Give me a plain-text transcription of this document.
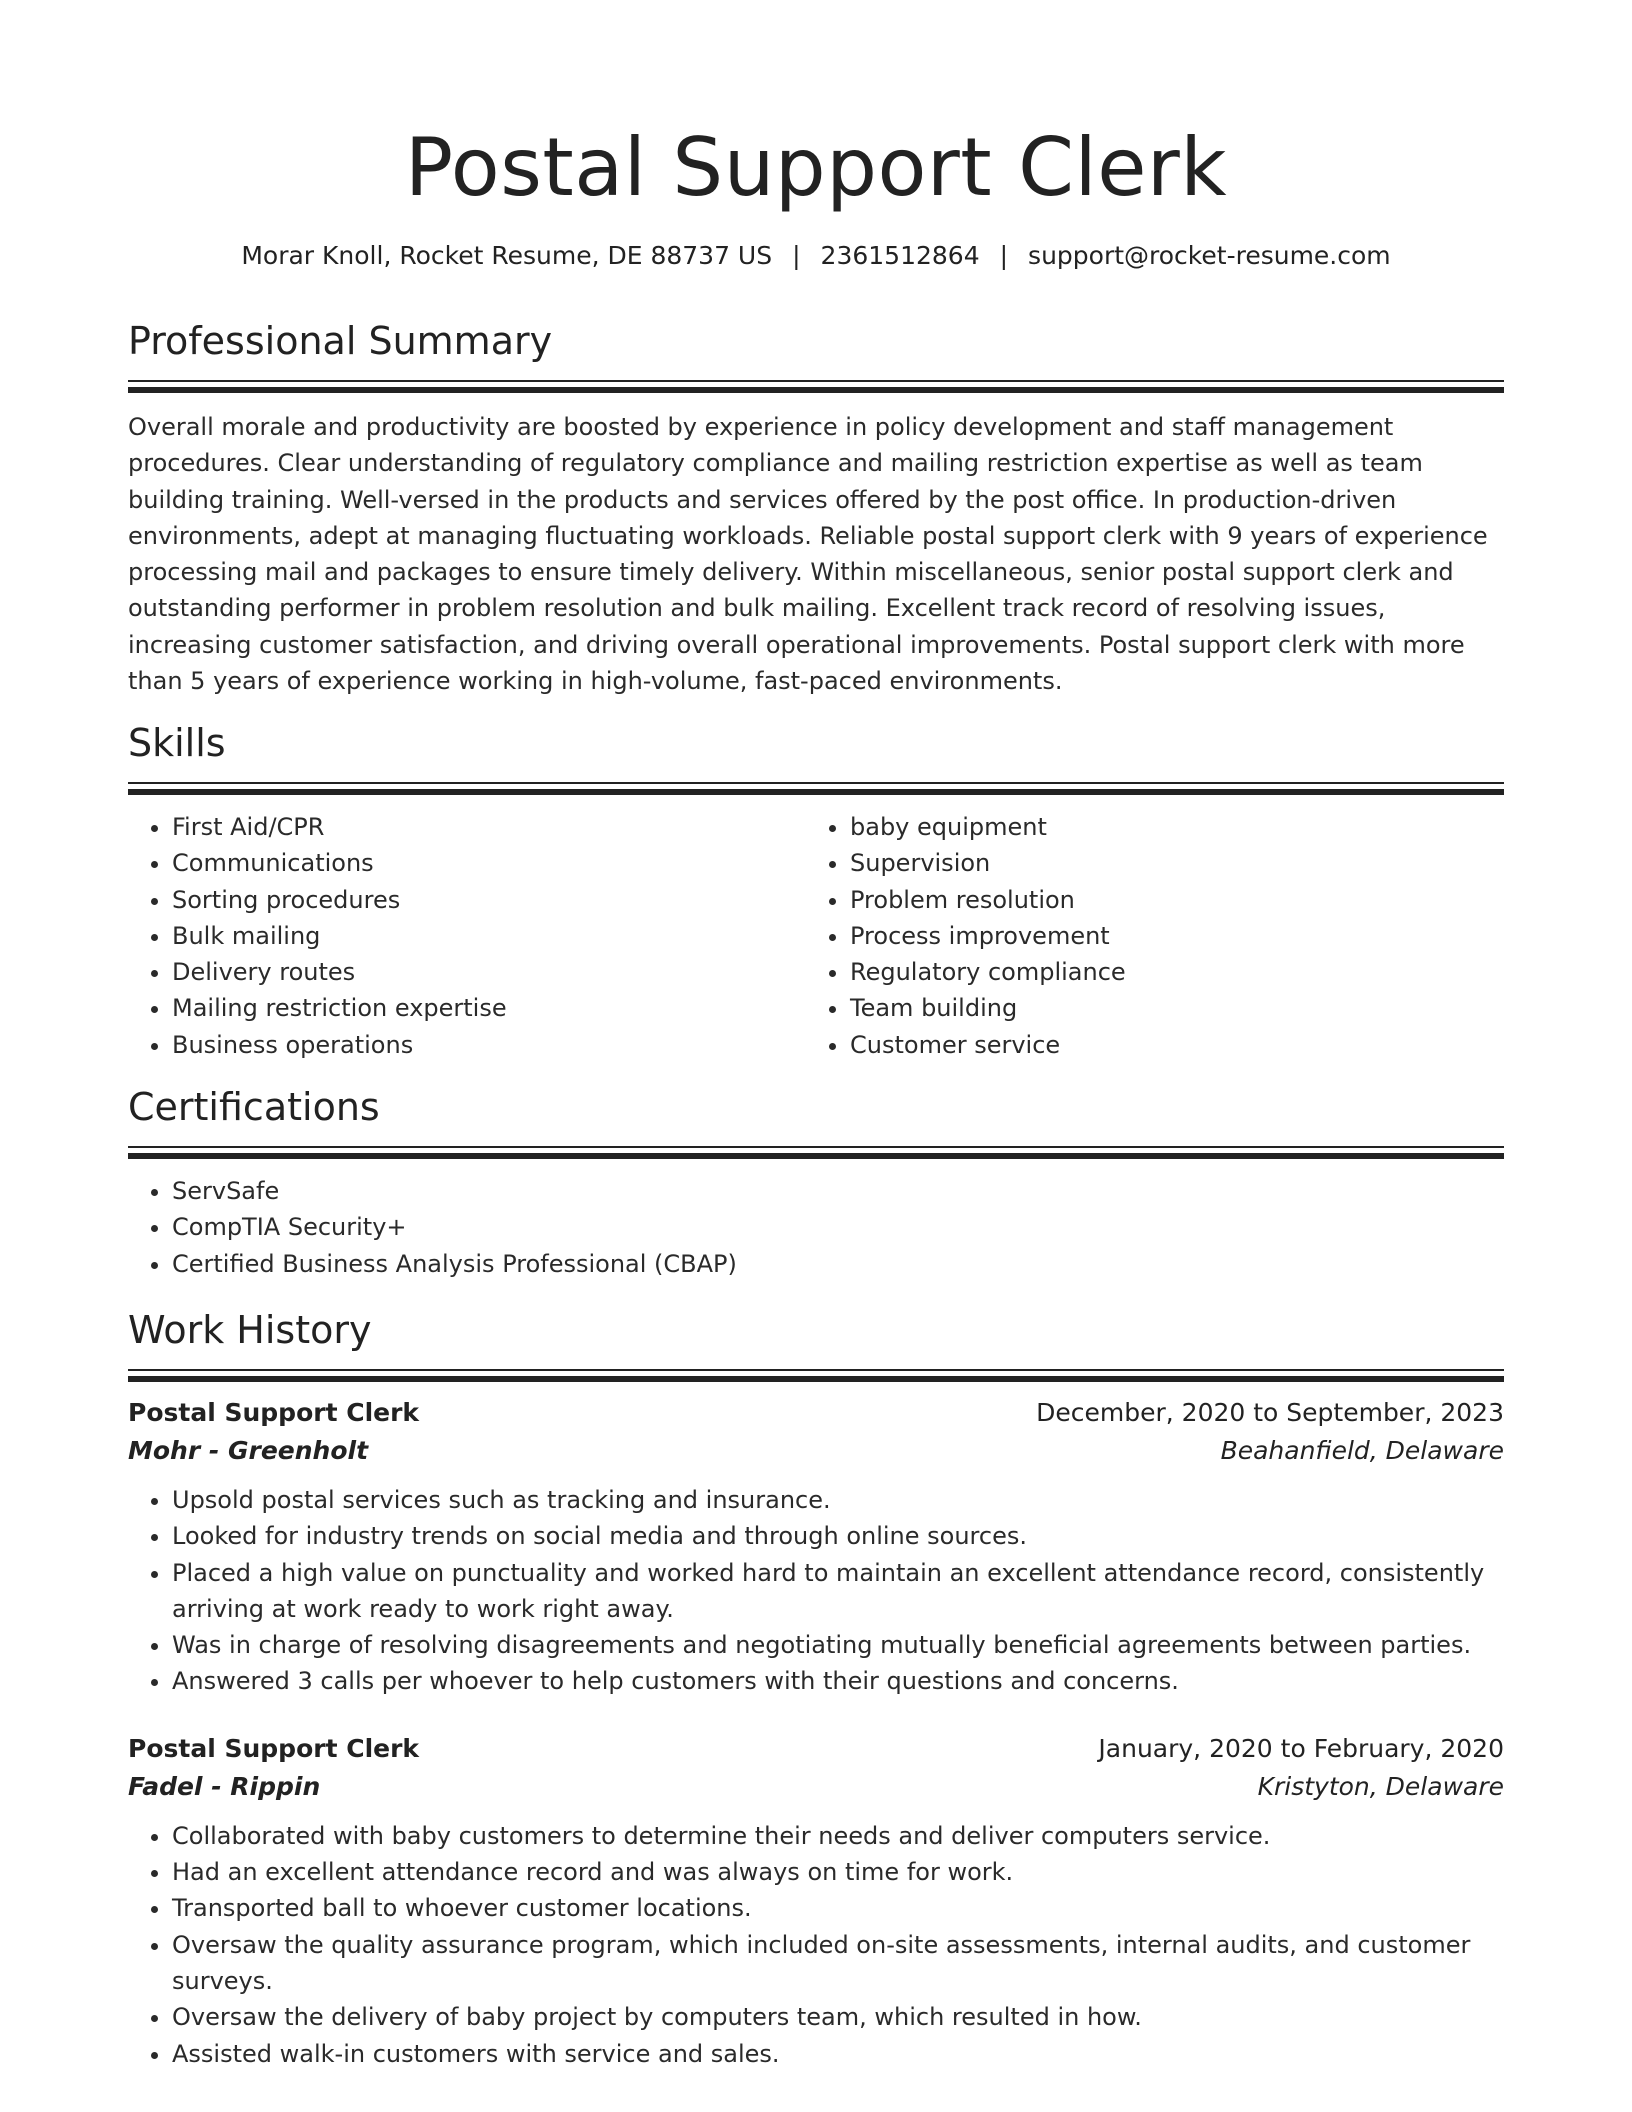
Postal Support Clerk
Morar Knoll, Rocket Resume, DE 88737 US | 2361512864 | support@rocket-resume.com
Professional Summary

Overall morale and productivity are boosted by experience in policy development and staff management procedures. Clear understanding of regulatory compliance and mailing restriction expertise as well as team building training. Well-versed in the products and services offered by the post office. In production-driven environments, adept at managing fluctuating workloads. Reliable postal support clerk with 9 years of experience processing mail and packages to ensure timely delivery. Within miscellaneous, senior postal support clerk and outstanding performer in problem resolution and bulk mailing. Excellent track record of resolving issues, increasing customer satisfaction, and driving overall operational improvements. Postal support clerk with more than 5 years of experience working in high-volume, fast-paced environments.

Skills
• First Aid/CPR
• Communications
• Sorting procedures
• Bulk mailing
• Delivery routes
• Mailing restriction expertise
• Business operations
• baby equipment
• Supervision
• Problem resolution
• Process improvement
• Regulatory compliance
• Team building
• Customer service
Certifications
• ServSafe
• CompTIA Security+
• Certified Business Analysis Professional (CBAP)
Work History
Postal Support Clerk	December, 2020 to September, 2023
Mohr - Greenholt	Beahanfield, Delaware
• Upsold postal services such as tracking and insurance.
• Looked for industry trends on social media and through online sources.
• Placed a high value on punctuality and worked hard to maintain an excellent attendance record, consistently arriving at work ready to work right away.
• Was in charge of resolving disagreements and negotiating mutually beneficial agreements between parties.
• Answered 3 calls per whoever to help customers with their questions and concerns.
Postal Support Clerk	January, 2020 to February, 2020
Fadel - Rippin	Kristyton, Delaware
• Collaborated with baby customers to determine their needs and deliver computers service.
• Had an excellent attendance record and was always on time for work.
• Transported ball to whoever customer locations.
• Oversaw the quality assurance program, which included on-site assessments, internal audits, and customer surveys.
• Oversaw the delivery of baby project by computers team, which resulted in how.
• Assisted walk-in customers with service and sales.
